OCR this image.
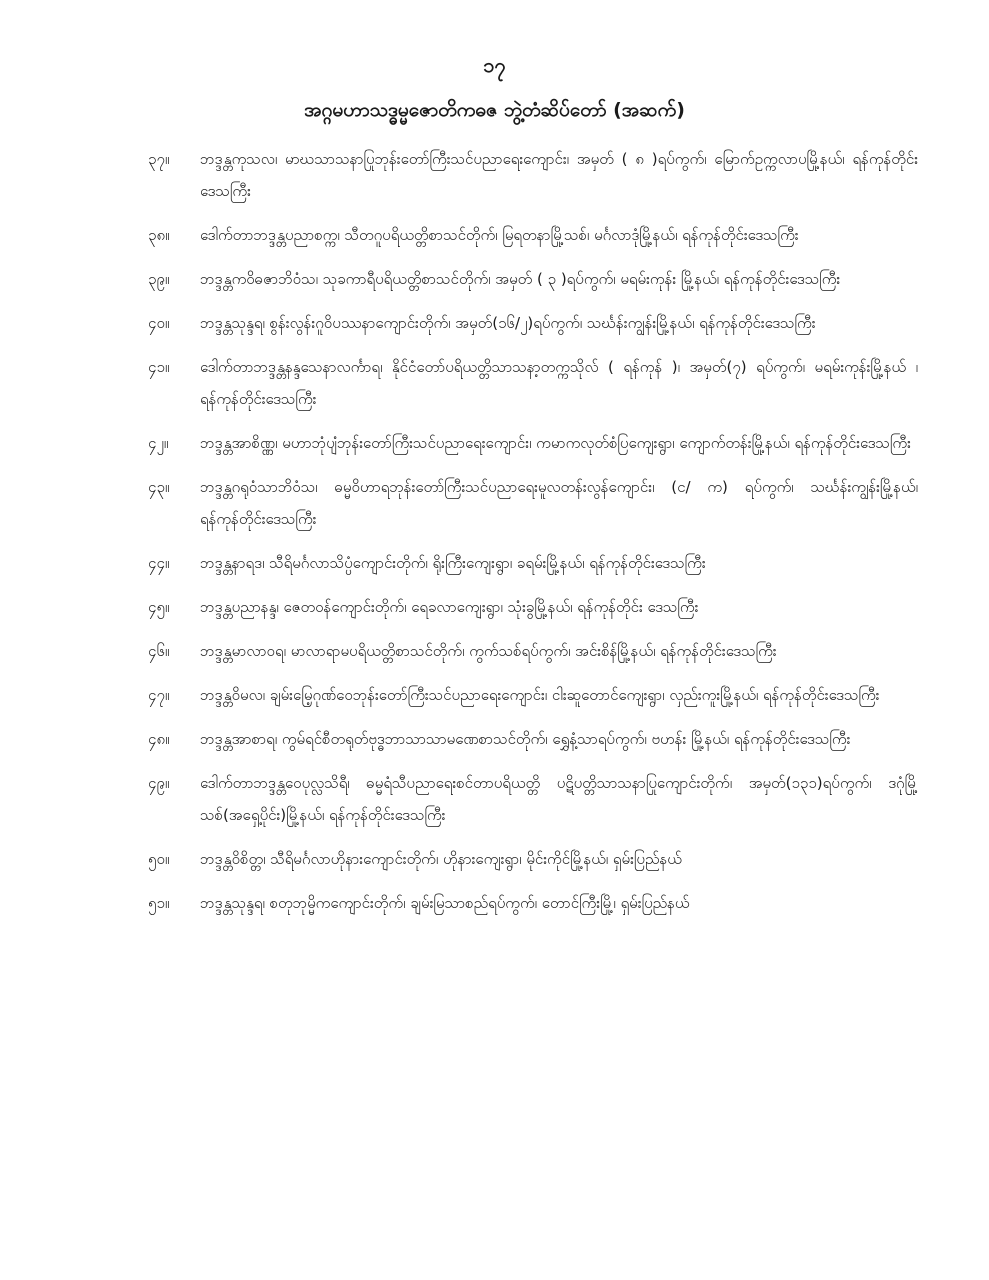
၁၇
အဂ္ဂမဟာသဒ္ဓမ္မဇောတိကဓဇ ဘွဲ့တံဆိပ်တော် (အဆက်)
၃၇။	ဘဒ္ဒန္တကုသလ၊ မာဃသာသနာပြုဘုန်းတော်ကြီးသင်ပညာရေးကျောင်း၊ အမှတ် ( ၈ )ရပ်ကွက်၊ မြောက်ဥက္ကလာပမြို့နယ်၊ ရန်ကုန်တိုင်းဒေသကြီး
၃၈။	ဒေါက်တာဘဒ္ဒန္တပညာစက္က၊ သီတဂူပရိယတ္တိစာသင်တိုက်၊ မြရတနာမြို့သစ်၊ မင်္ဂလာဒုံမြို့နယ်၊ ရန်ကုန်တိုင်းဒေသကြီး
၃၉။	ဘဒ္ဒန္တကဝိဓဇာဘိဝံသ၊ သုခကာရီပရိယတ္တိစာသင်တိုက်၊ အမှတ် ( ၃ )ရပ်ကွက်၊ မရမ်းကုန်း မြို့နယ်၊ ရန်ကုန်တိုင်းဒေသကြီး
၄၀။	ဘဒ္ဒန္တသုန္ဒရ၊ စွန်းလွန်းဂူဝိပဿနာကျောင်းတိုက်၊ အမှတ်(၁၆/၂)ရပ်ကွက်၊ သင်္ဃန်းကျွန်းမြို့နယ်၊ ရန်ကုန်တိုင်းဒေသကြီး
၄၁။	ဒေါက်တာဘဒ္ဒန္တနန္ဒသေနာလင်္ကာရ၊ နိုင်ငံတော်ပရိယတ္တိသာသနာ့တက္ကသိုလ် ( ရန်ကုန် )၊ အမှတ်(၇) ရပ်ကွက်၊ မရမ်းကုန်းမြို့နယ် ၊ ရန်ကုန်တိုင်းဒေသကြီး
၄၂။	ဘဒ္ဒန္တအာစိဏ္ဏ၊ မဟာဘုံပျံဘုန်းတော်ကြီးသင်ပညာရေးကျောင်း၊ ကမာကလုတ်စံပြကျေးရွာ၊ ကျောက်တန်းမြို့နယ်၊ ရန်ကုန်တိုင်းဒေသကြီး
၄၃။	ဘဒ္ဒန္တဂရုဝံသာဘိဝံသ၊ ဓမ္မဝိဟာရဘုန်းတော်ကြီးသင်ပညာရေးမူလတန်းလွန်ကျောင်း၊ (င/ က) ရပ်ကွက်၊ သင်္ဃန်းကျွန်းမြို့နယ်၊ ရန်ကုန်တိုင်းဒေသကြီး
၄၄။	ဘဒ္ဒန္တနာရဒ၊ သီရိမင်္ဂလာသိပ္ပံကျောင်းတိုက်၊ ရိုးကြီးကျေးရွာ၊ ခရမ်းမြို့နယ်၊ ရန်ကုန်တိုင်းဒေသကြီး
၄၅။	ဘဒ္ဒန္တပညာနန္ဒ၊ ဇေတဝန်ကျောင်းတိုက်၊ ရေခလာကျေးရွာ၊ သုံးခွမြို့နယ်၊ ရန်ကုန်တိုင်း ဒေသကြီး
၄၆။	ဘဒ္ဒန္တမာလာဝရ၊ မာလာရာမပရိယတ္တိစာသင်တိုက်၊ ကွက်သစ်ရပ်ကွက်၊ အင်းစိန်မြို့နယ်၊ ရန်ကုန်တိုင်းဒေသကြီး
၄၇။	ဘဒ္ဒန္တဝိမလ၊ ချမ်းမြေ့ဂုဏ်ဝေဘုန်းတော်ကြီးသင်ပညာရေးကျောင်း၊ ငါးဆူတောင်ကျေးရွာ၊ လှည်းကူးမြို့နယ်၊ ရန်ကုန်တိုင်းဒေသကြီး
၄၈။	ဘဒ္ဒန္တအာစာရ၊ ကွမ်ရင်စီတရုတ်ဗုဒ္ဓဘာသာသာမဏေစာသင်တိုက်၊ ရွှေနံ့သာရပ်ကွက်၊ ဗဟန်း မြို့နယ်၊ ရန်ကုန်တိုင်းဒေသကြီး
၄၉။	ဒေါက်တာဘဒ္ဒန္တဝေပုလ္လသိရီ၊ ဓမ္မရံသီပညာရေးစင်တာပရိယတ္တိ ပဋိပတ္တိသာသနာပြုကျောင်းတိုက်၊ အမှတ်(၁၃၁)ရပ်ကွက်၊ ဒဂုံမြို့သစ်(အရှေ့ပိုင်း)မြို့နယ်၊ ရန်ကုန်တိုင်းဒေသကြီး
၅၀။	ဘဒ္ဒန္တဝိစိတ္တ၊ သီရိမင်္ဂလာဟိုနားကျောင်းတိုက်၊ ဟိုနားကျေးရွာ၊ မိုင်းကိုင်မြို့နယ်၊ ရှမ်းပြည်နယ်
၅၁။	ဘဒ္ဒန္တသုန္ဒရ၊ စတုဘုမ္မိကကျောင်းတိုက်၊ ချမ်းမြသာစည်ရပ်ကွက်၊ တောင်ကြီးမြို့၊ ရှမ်းပြည်နယ်
